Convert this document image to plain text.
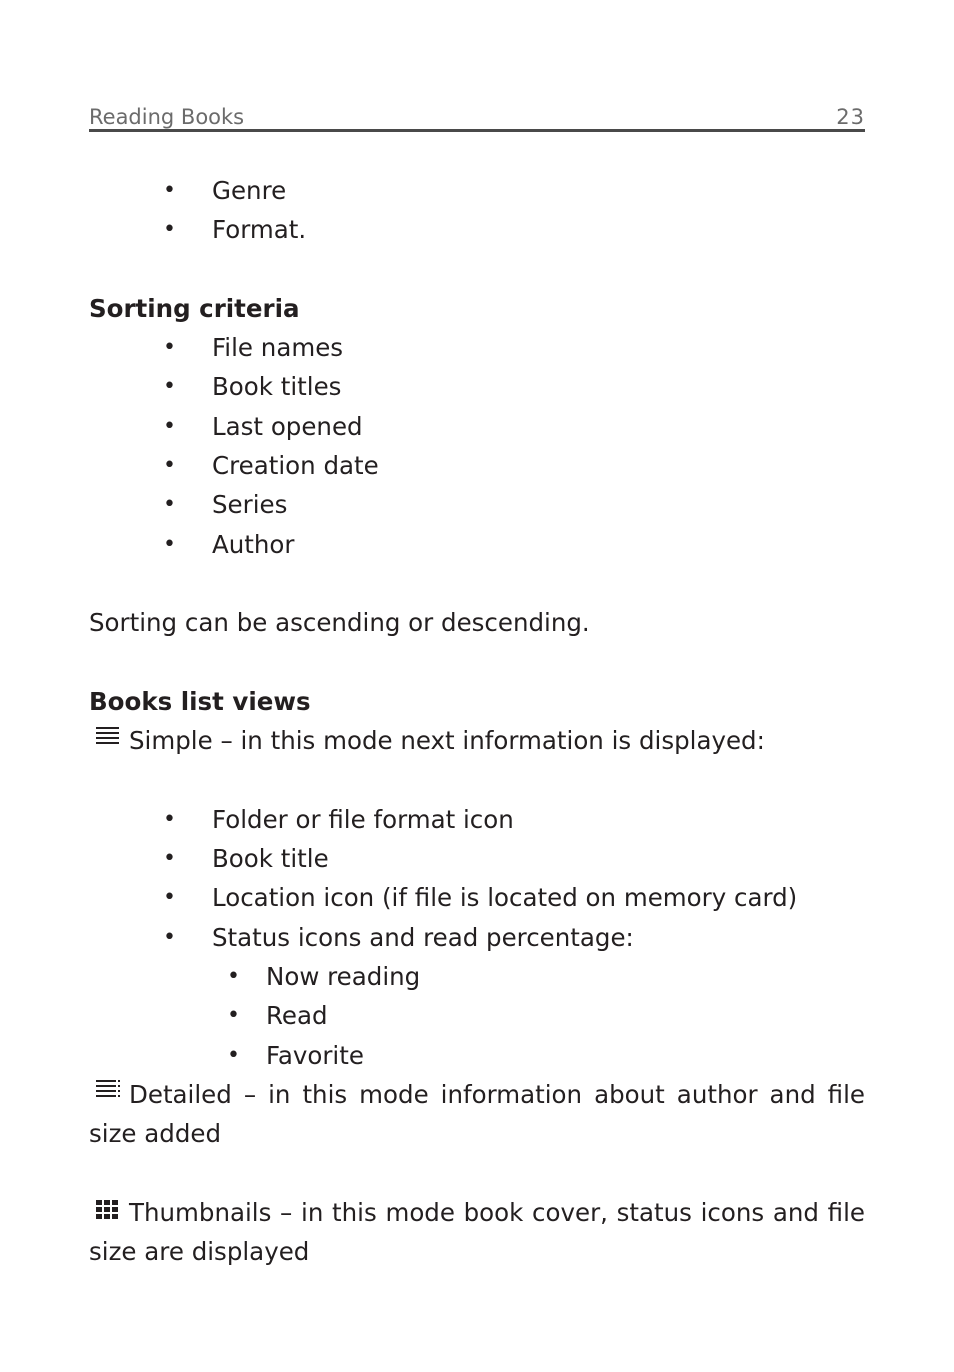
Reading Books	23
• Genre
• Format.
Sorting criteria
• File names
• Book titles
• Last opened
• Creation date
• Series
• Author
Sorting can be ascending or descending.
Books list views
Simple – in this mode next information is displayed:
• Folder or file format icon
• Book title
• Location icon (if file is located on memory card)
• Status icons and read percentage:
• Now reading
• Read
• Favorite
Detailed – in this mode information about author and file size added
Thumbnails – in this mode book cover, status icons and file size are displayed
